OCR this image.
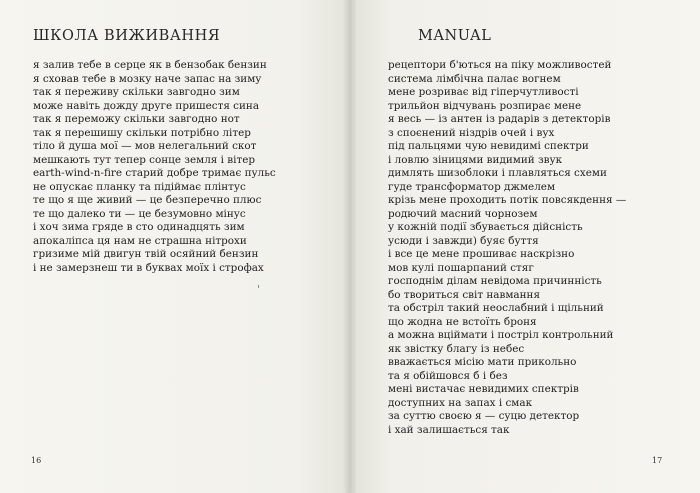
ШКОЛА ВИЖИВАННЯ
я залив тебе в серце як в бензобак бензин
я сховав тебе в мозку наче запас на зиму
так я переживу скільки завгодно зим
може навіть дожду друге пришестя сина
так я переможу скільки завгодно нот
так я перешишу скільки потрібно літер
тіло й душа мої — мов нелегальний скот
мешкають тут тепер сонце земля і вітер
earth-wind-n-fire старий добре тримає пульс
не опускає планку та підіймає плінтус
те що я ще живий — це безперечно плюс
те що далеко ти — це безумовно мінус
і хоч зима гряде в сто одинадцять зим
апокаліпса ця нам не страшна нітрохи
гризиме мій двигун твій осяйний бензин
і не замерзнеш ти в букваx моїх і строфах
16
MANUAL
рецептори б'ються на піку можливостей
система лімбічна палає вогнем
мене розриває від гіперчутливості
трильйон відчувань розпирає мене
я весь — із антен із радарів з детекторів
з споєнений ніздрів очей і вух
під пальцями чую невидимі спектри
і ловлю зіницями видимий звук
димлять шизоблоки і плавляться схеми
гуде трансформатор джмелем
крізь мене проходить потік повсякдення —
родючий масний чорнозем
у кожній події збувається дійсність
усюди і завжди) буяє буття
і все це мене прошиває наскрізно
мов кулі пошарпаний стяг
господнім ділам невідома причинність
бо твориться світ навмання
та обстріл такий неослабний і щільний
що жодна не встоїть броня
а можна вціймати і постріл контрольний
як звістку благу із небес
вважається місію мати прикольно
та я обійшовся б і без
мені вистачає невидимих спектрів
доступних на запах і смак
за суттю своєю я — суцю детектор
і хай залишається так
17
